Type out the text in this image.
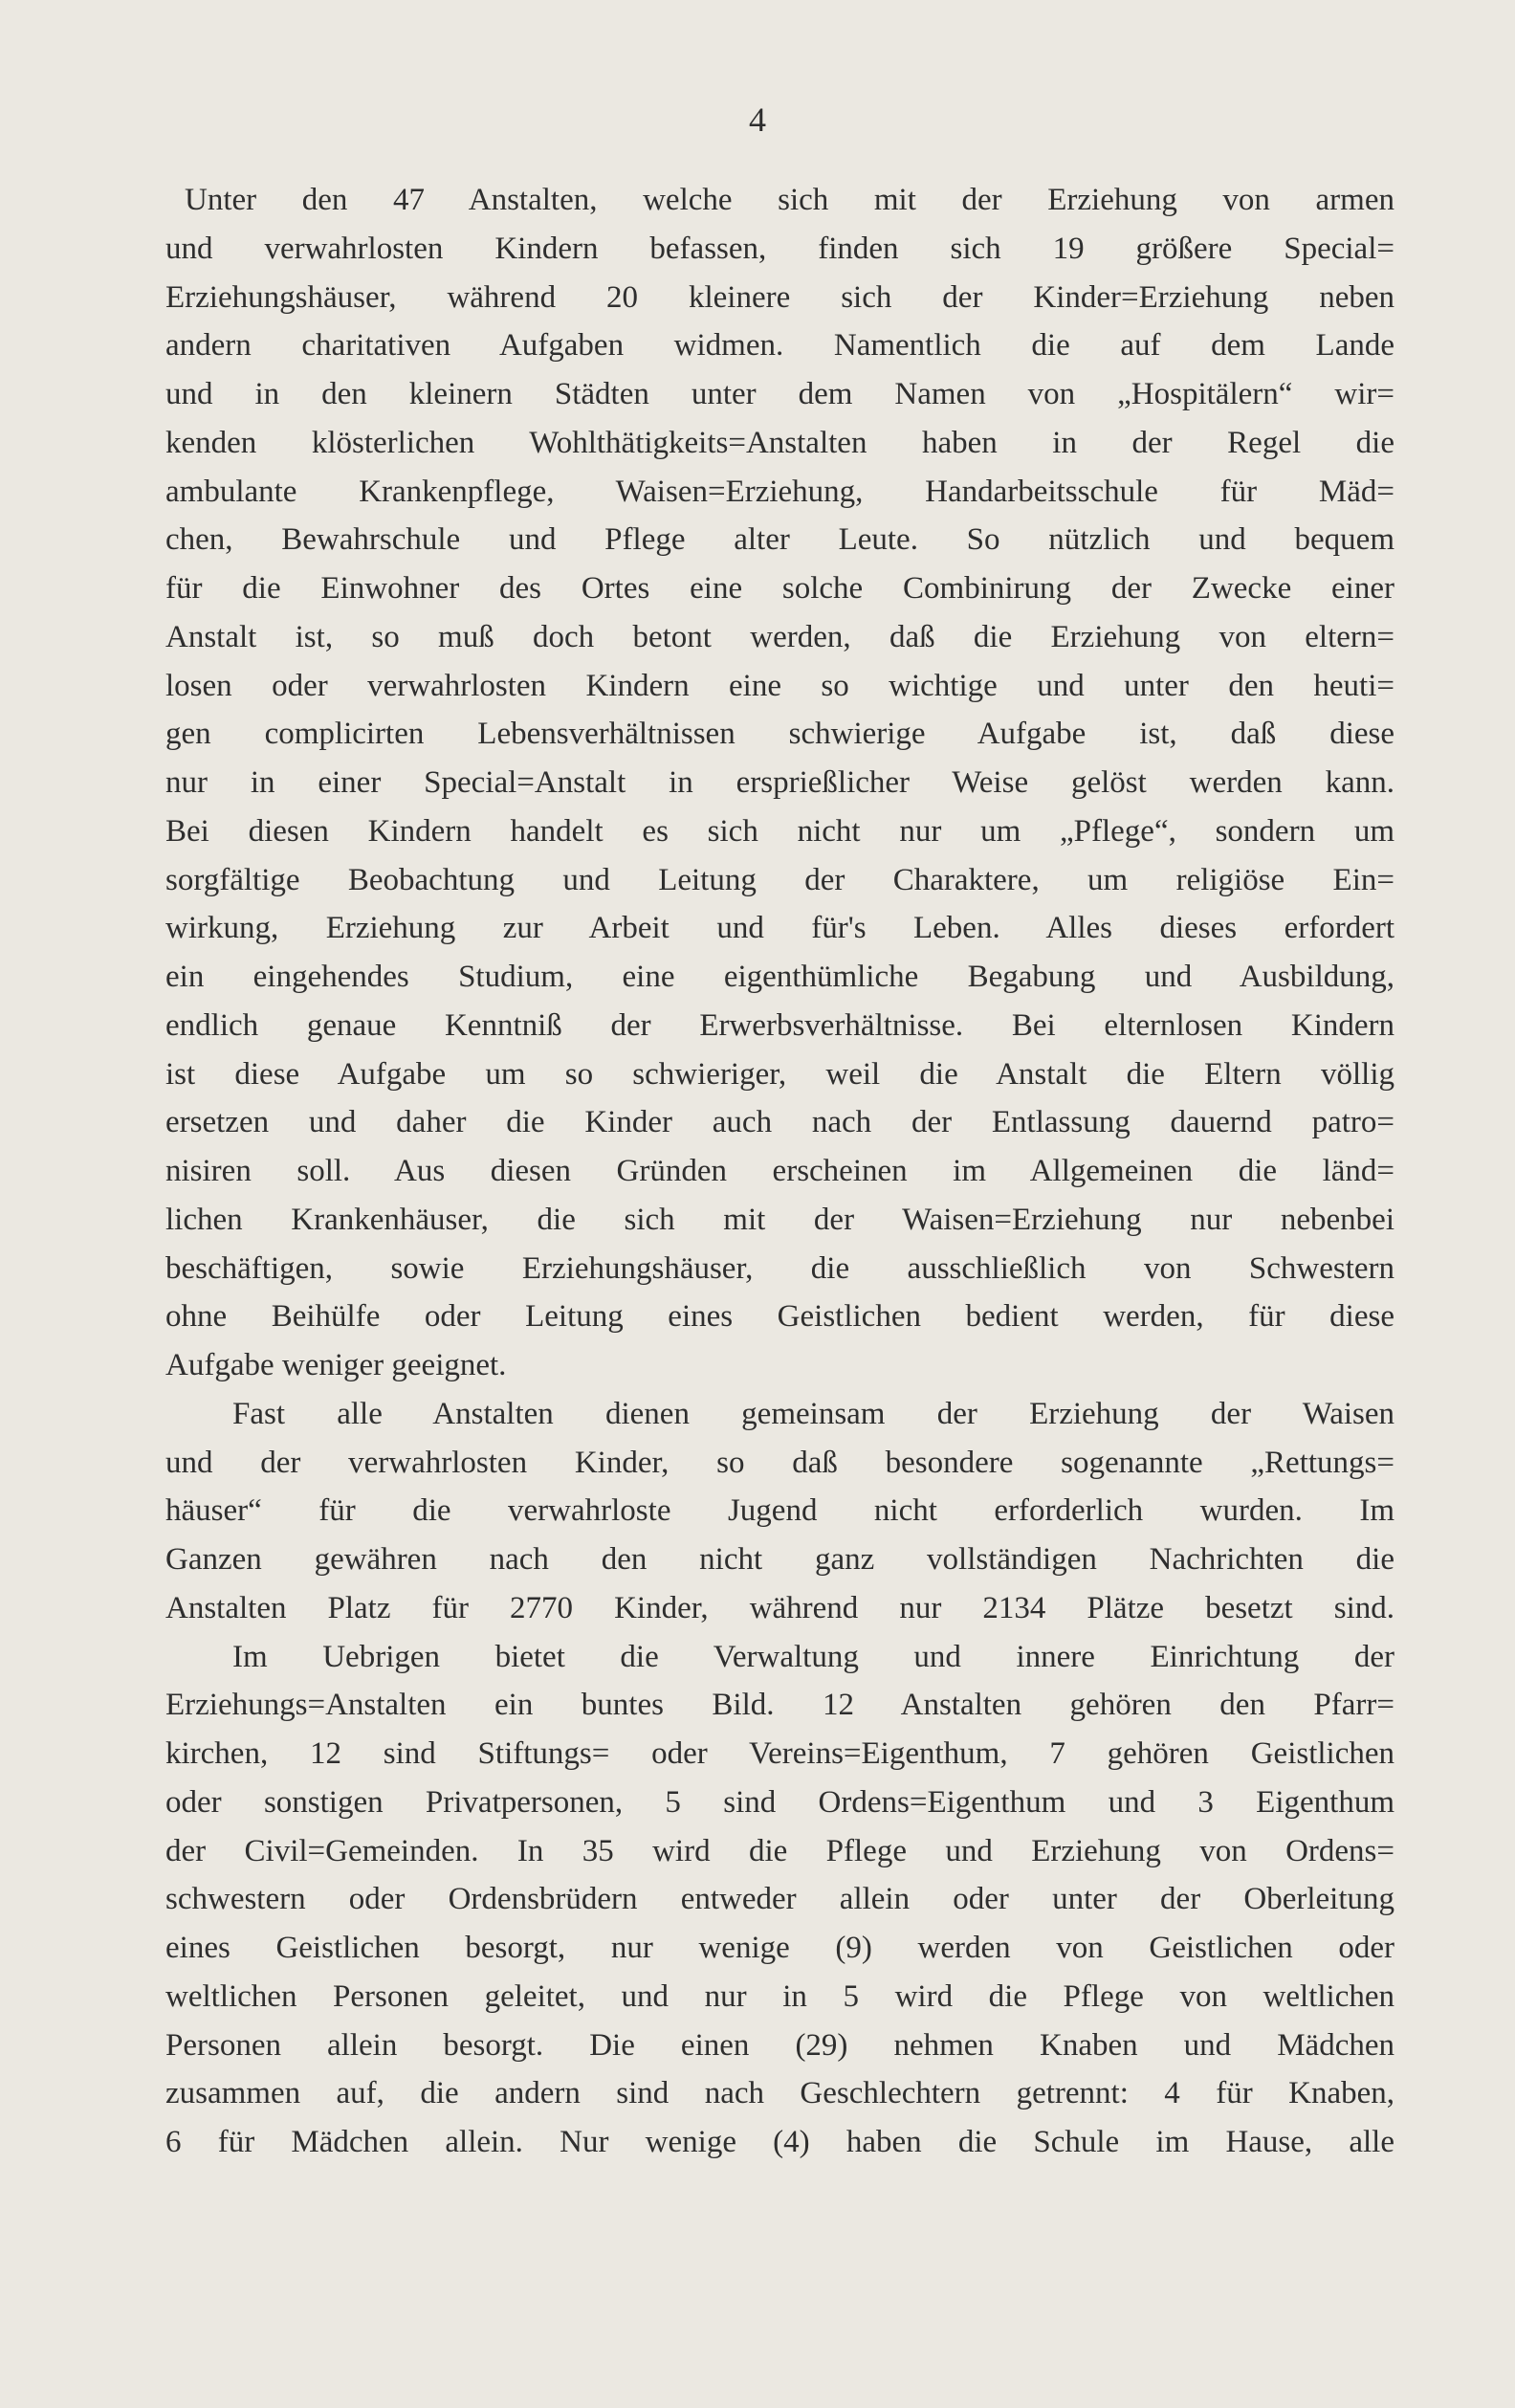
4
Unter den 47 Anstalten, welche sich mit der Erziehung von armen
und verwahrlosten Kindern befassen, finden sich 19 größere Special=
Erziehungshäuser, während 20 kleinere sich der Kinder=Erziehung neben
andern charitativen Aufgaben widmen. Namentlich die auf dem Lande
und in den kleinern Städten unter dem Namen von „Hospitälern“ wir=
kenden klösterlichen Wohlthätigkeits=Anstalten haben in der Regel die
ambulante Krankenpflege, Waisen=Erziehung, Handarbeitsschule für Mäd=
chen, Bewahrschule und Pflege alter Leute. So nützlich und bequem
für die Einwohner des Ortes eine solche Combinirung der Zwecke einer
Anstalt ist, so muß doch betont werden, daß die Erziehung von eltern=
losen oder verwahrlosten Kindern eine so wichtige und unter den heuti=
gen complicirten Lebensverhältnissen schwierige Aufgabe ist, daß diese
nur in einer Special=Anstalt in ersprießlicher Weise gelöst werden kann.
Bei diesen Kindern handelt es sich nicht nur um „Pflege“, sondern um
sorgfältige Beobachtung und Leitung der Charaktere, um religiöse Ein=
wirkung, Erziehung zur Arbeit und für's Leben. Alles dieses erfordert
ein eingehendes Studium, eine eigenthümliche Begabung und Ausbildung,
endlich genaue Kenntniß der Erwerbsverhältnisse. Bei elternlosen Kindern
ist diese Aufgabe um so schwieriger, weil die Anstalt die Eltern völlig
ersetzen und daher die Kinder auch nach der Entlassung dauernd patro=
nisiren soll. Aus diesen Gründen erscheinen im Allgemeinen die länd=
lichen Krankenhäuser, die sich mit der Waisen=Erziehung nur nebenbei
beschäftigen, sowie Erziehungshäuser, die ausschließlich von Schwestern
ohne Beihülfe oder Leitung eines Geistlichen bedient werden, für diese
Aufgabe weniger geeignet.
Fast alle Anstalten dienen gemeinsam der Erziehung der Waisen
und der verwahrlosten Kinder, so daß besondere sogenannte „Rettungs=
häuser“ für die verwahrloste Jugend nicht erforderlich wurden. Im
Ganzen gewähren nach den nicht ganz vollständigen Nachrichten die
Anstalten Platz für 2770 Kinder, während nur 2134 Plätze besetzt sind.
Im Uebrigen bietet die Verwaltung und innere Einrichtung der
Erziehungs=Anstalten ein buntes Bild. 12 Anstalten gehören den Pfarr=
kirchen, 12 sind Stiftungs= oder Vereins=Eigenthum, 7 gehören Geistlichen
oder sonstigen Privatpersonen, 5 sind Ordens=Eigenthum und 3 Eigenthum
der Civil=Gemeinden. In 35 wird die Pflege und Erziehung von Ordens=
schwestern oder Ordensbrüdern entweder allein oder unter der Oberleitung
eines Geistlichen besorgt, nur wenige (9) werden von Geistlichen oder
weltlichen Personen geleitet, und nur in 5 wird die Pflege von weltlichen
Personen allein besorgt. Die einen (29) nehmen Knaben und Mädchen
zusammen auf, die andern sind nach Geschlechtern getrennt: 4 für Knaben,
6 für Mädchen allein. Nur wenige (4) haben die Schule im Hause, alle
